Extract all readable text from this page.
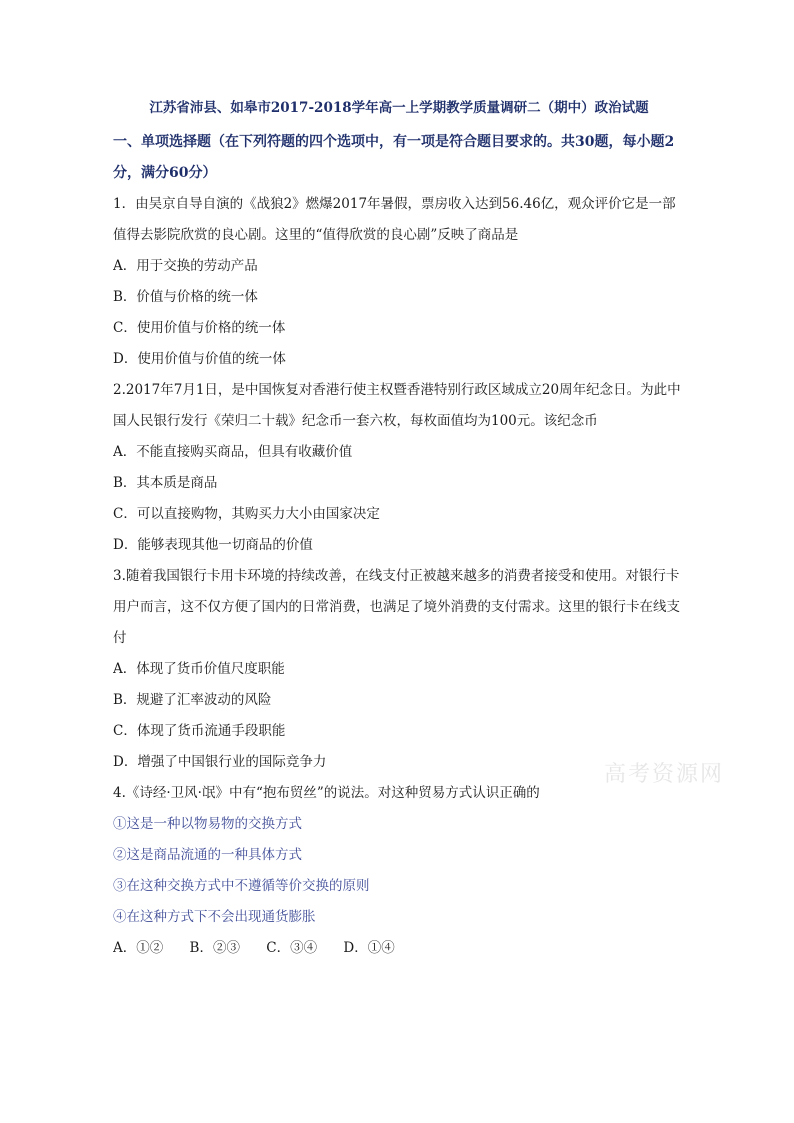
江苏省沛县、如皋市2017-2018学年高一上学期教学质量调研二（期中）政治试题
一、单项选择题（在下列符题的四个选项中，有一项是符合题目要求的。共30题，每小题2分，满分60分）
1．由吴京自导自演的《战狼2》燃爆2017年暑假，票房收入达到56.46亿，观众评价它是一部值得去影院欣赏的良心剧。这里的“值得欣赏的良心剧”反映了商品是
A．用于交换的劳动产品
B．价值与价格的统一体
C．使用价值与价格的统一体
D．使用价值与价值的统一体
2.2017年7月1日，是中国恢复对香港行使主权暨香港特别行政区域成立20周年纪念日。为此中国人民银行发行《荣归二十载》纪念币一套六枚，每枚面值均为100元。该纪念币
A．不能直接购买商品，但具有收藏价值
B．其本质是商品
C．可以直接购物，其购买力大小由国家决定
D．能够表现其他一切商品的价值
3.随着我国银行卡用卡环境的持续改善，在线支付正被越来越多的消费者接受和使用。对银行卡用户而言，这不仅方便了国内的日常消费，也满足了境外消费的支付需求。这里的银行卡在线支付
A．体现了货币价值尺度职能
B．规避了汇率波动的风险
C．体现了货币流通手段职能
D．增强了中国银行业的国际竞争力
4.《诗经·卫风·氓》中有“抱布贸丝”的说法。对这种贸易方式认识正确的
①这是一种以物易物的交换方式
②这是商品流通的一种具体方式
③在这种交换方式中不遵循等价交换的原则
④在这种方式下不会出现通货膨胀
A．①② B．②③ C．③④ D．①④
高考资源网
